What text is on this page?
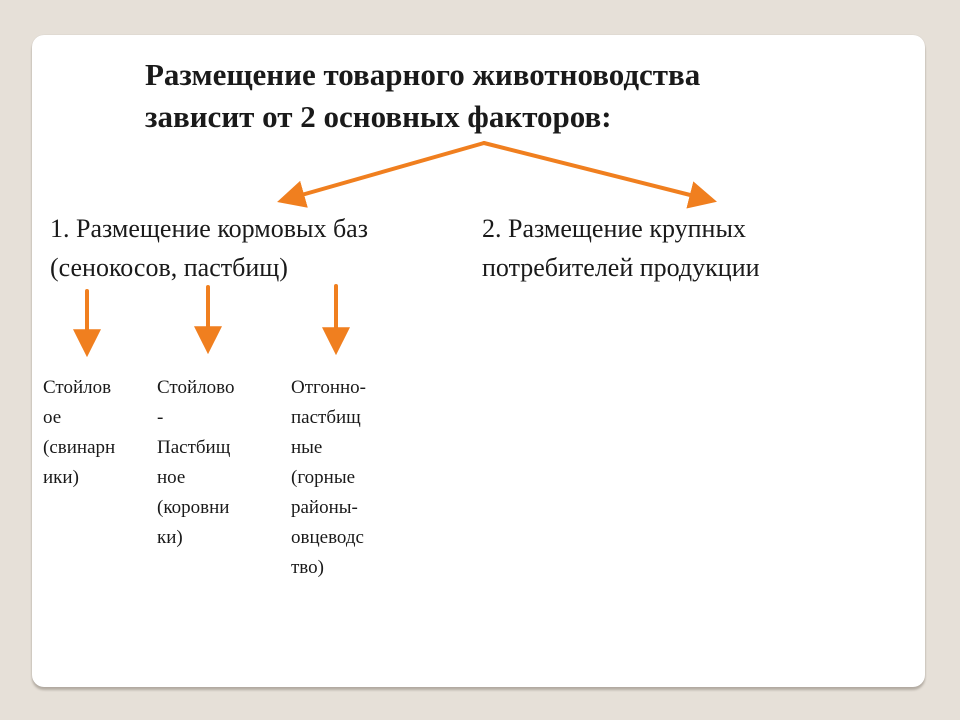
Размещение товарного животноводства
зависит от 2 основных факторов:
1. Размещение кормовых баз
(сенокосов, пастбищ)
2. Размещение крупных
потребителей продукции
Стойлов
ое
(свинарн
ики)
Стойлово
-
Пастбищ
ное
(коровни
ки)
Отгонно-
пастбищ
ные
(горные
районы-
овцеводс
тво)
